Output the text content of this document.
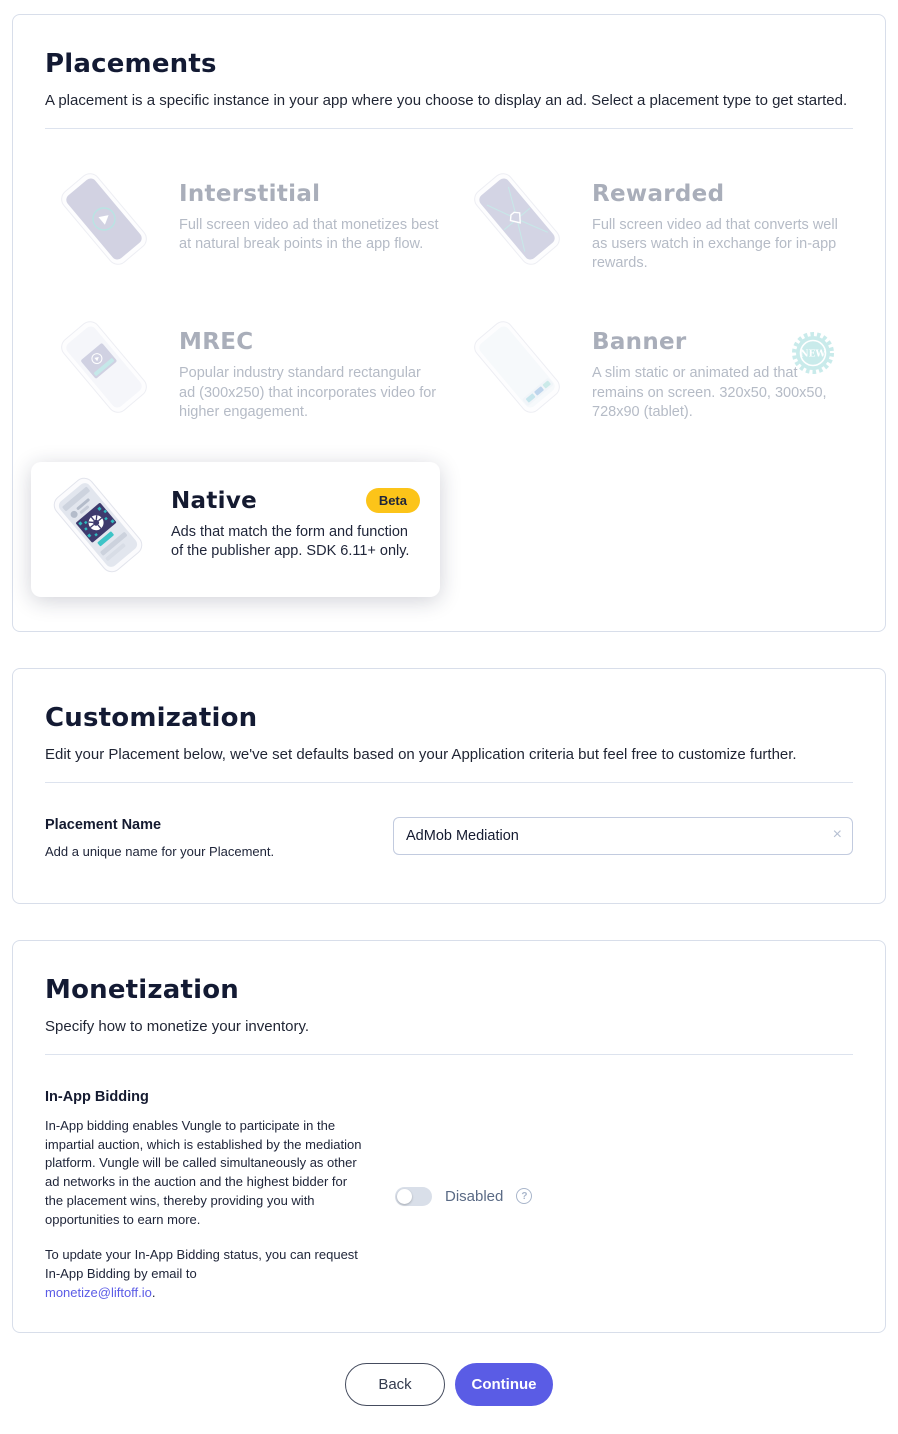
Placements

A placement is a specific instance in your app where you choose to display an ad. Select a placement type to get started.

Interstitial
Full screen video ad that monetizes best at natural break points in the app flow.
Rewarded
Full screen video ad that converts well as users watch in exchange for in-app rewards.
MREC
Popular industry standard rectangular ad (300x250) that incorporates video for higher engagement.
Banner
A slim static or animated ad that remains on screen. 320x50, 300x50, 728x90 (tablet).
NEW
Native	Beta
Ads that match the form and function of the publisher app. SDK 6.11+ only.
Customization

Edit your Placement below, we've set defaults based on your Application criteria but feel free to customize further.

Placement Name
Add a unique name for your Placement.
AdMob Mediation
×
Monetization

Specify how to monetize your inventory.

In-App Bidding

In-App bidding enables Vungle to participate in the impartial auction, which is established by the mediation platform. Vungle will be called simultaneously as other ad networks in the auction and the highest bidder for the placement wins, thereby providing you with opportunities to earn more.

To update your In-App Bidding status, you can request In-App Bidding by email to
monetize@liftoff.io.

Disabled	?
Back	Continue
